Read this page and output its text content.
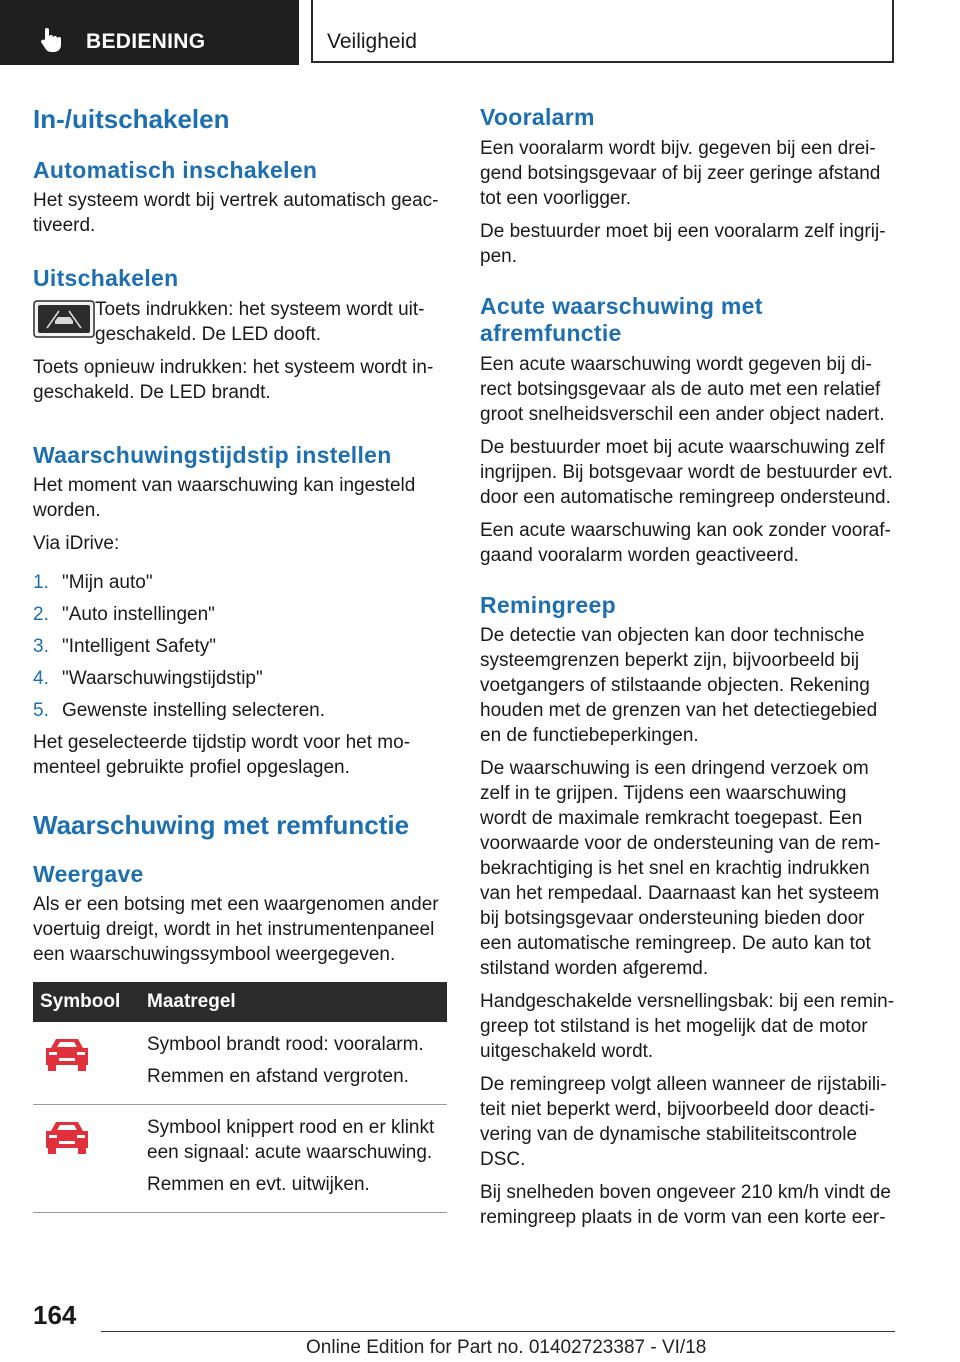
BEDIENING	Veiligheid
In-/uitschakelen
Automatisch inschakelen

Het systeem wordt bij vertrek automatisch geactiveerd.

Uitschakelen

Toets indrukken: het systeem wordt uitgeschakeld. De LED dooft.

Toets opnieuw indrukken: het systeem wordt ingeschakeld. De LED brandt.

Waarschuwingstijdstip instellen

Het moment van waarschuwing kan ingesteld worden.

Via iDrive:

1. "Mijn auto"
2. "Auto instellingen"
3. "Intelligent Safety"
4. "Waarschuwingstijdstip"
5. Gewenste instelling selecteren.

Het geselecteerde tijdstip wordt voor het momenteel gebruikte profiel opgeslagen.

Waarschuwing met remfunctie
Weergave

Als er een botsing met een waargenomen ander voertuig dreigt, wordt in het instrumentenpaneel een waarschuwingssymbool weergegeven.

Symbool	Maatregel

Symbool brandt rood: vooralarm.

Remmen en afstand vergroten.

Symbool knippert rood en er klinkt een signaal: acute waarschuwing.

Remmen en evt. uitwijken.

Vooralarm

Een vooralarm wordt bijv. gegeven bij een dreigend botsingsgevaar of bij zeer geringe afstand tot een voorligger.

De bestuurder moet bij een vooralarm zelf ingrijpen.

Acute waarschuwing met afremfunctie

Een acute waarschuwing wordt gegeven bij direct botsingsgevaar als de auto met een relatief groot snelheidsverschil een ander object nadert.

De bestuurder moet bij acute waarschuwing zelf ingrijpen. Bij botsgevaar wordt de bestuurder evt. door een automatische remingreep ondersteund.

Een acute waarschuwing kan ook zonder voorafgaand vooralarm worden geactiveerd.

Remingreep

De detectie van objecten kan door technische systeemgrenzen beperkt zijn, bijvoorbeeld bij voetgangers of stilstaande objecten. Rekening houden met de grenzen van het detectiegebied en de functiebeperkingen.

De waarschuwing is een dringend verzoek om zelf in te grijpen. Tijdens een waarschuwing wordt de maximale remkracht toegepast. Een voorwaarde voor de ondersteuning van de rembekrachtiging is het snel en krachtig indrukken van het rempedaal. Daarnaast kan het systeem bij botsingsgevaar ondersteuning bieden door een automatische remingreep. De auto kan tot stilstand worden afgeremd.

Handgeschakelde versnellingsbak: bij een remingreep tot stilstand is het mogelijk dat de motor uitgeschakeld wordt.

De remingreep volgt alleen wanneer de rijstabiliteit niet beperkt werd, bijvoorbeeld door deactivering van de dynamische stabiliteitscontrole DSC.

Bij snelheden boven ongeveer 210 km/h vindt de remingreep plaats in de vorm van een korte eer-

164
Online Edition for Part no. 01402723387 - VI/18
